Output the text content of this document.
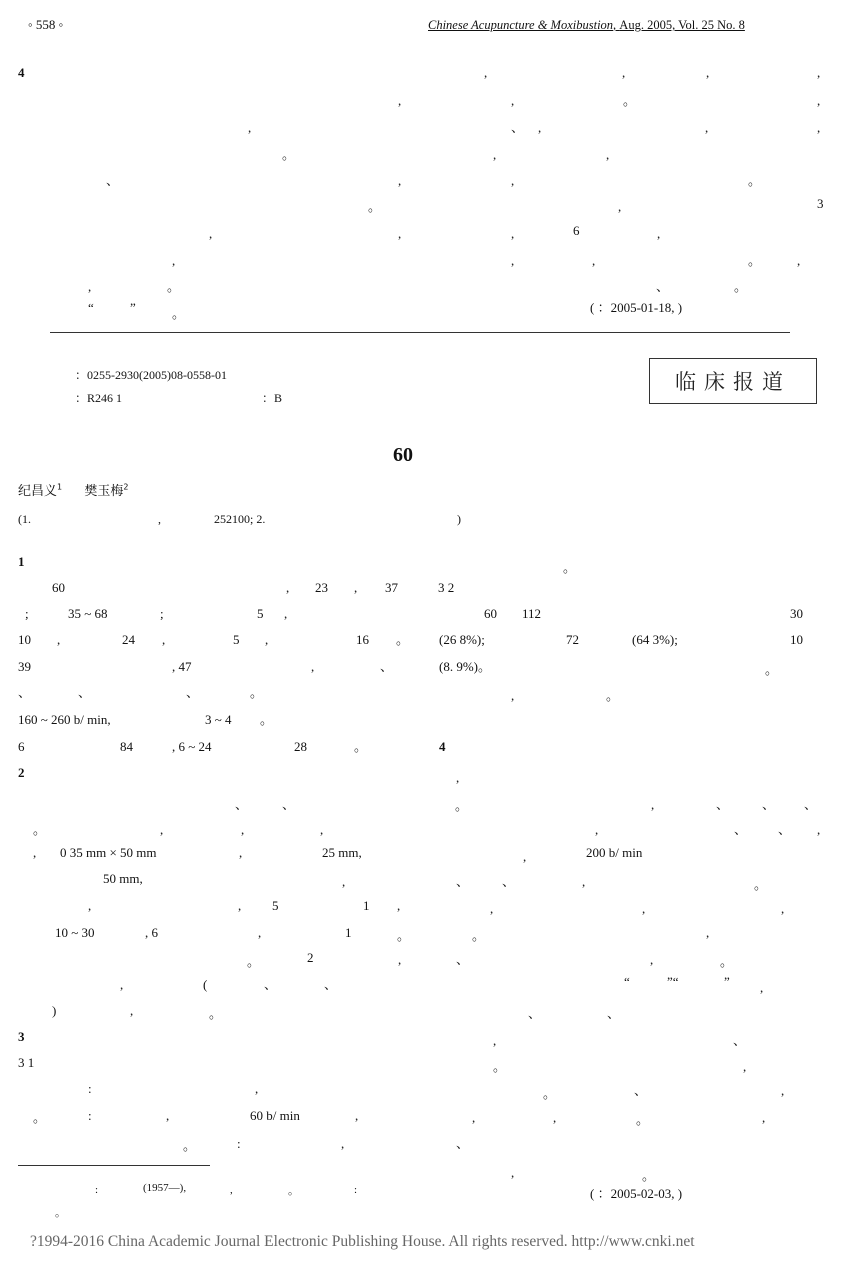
◦ 558 ◦	Chinese Acupuncture & Moxibustion, Aug. 2005, Vol. 25 No. 8
4	,	,	,	,
,	,	。	,
,	、 ,	,	,
。	,	,
、	,	,	。
。	,	3
,	,	,	6	,
,	,	,	。	,
,	。	、	。
“	”	。	( ：2005-01-18, )
：0255-2930(2005)08-0558-01
：R246 1	：B
临床报道
60
纪昌义$^1$ 樊玉梅$^2$
(1.	,	252100; 2.	)
1
60	, 23 , 37	3 2
;	35 ~ 68	;	5 ,
10 ,	24 ,	5 ,	16 。
39	, 47	,	、
、	、	、	。
160 ~ 260 b/ min,	3 ~ 4 。
6	84	, 6 ~ 24	28	。
2
、	、
。	,	,	,
, 0 35 mm × 50 mm	,	25 mm,
50 mm,	,
,	, 5	1 ,
10 ~ 30	, 6	,	1	。
。	2	,
,	(	、	、
)	,	。
3
3 1
:	,
。	:	,	60 b/ min	,
。	:	,	、
。
60 112	30
(26 8%);	72	(64 3%);	10
(8. 9%)。	。
,	。
4
,
。	,	、	、 、
,	、 、 ,
,	200 b/ min
、	、	,	。
,	,	,
。	,
、	,	。
“	”“	” ,
、	、
,	、
。	,
。	、	,
,	,	。	,
,	。
( ：2005-02-03, )
:	(1957—),	,	。	:
。
?1994-2016 China Academic Journal Electronic Publishing House. All rights reserved. http://www.cnki.net
